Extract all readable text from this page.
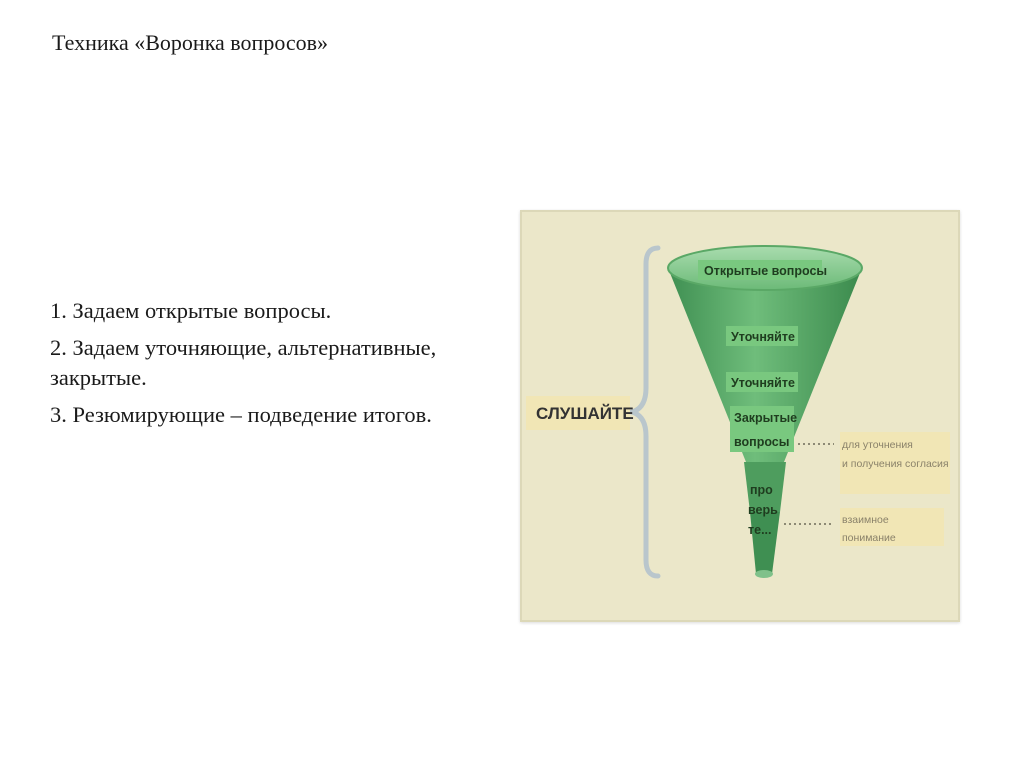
Техника «Воронка вопросов»

1. Задаем открытые вопросы.

2. Задаем уточняющие, альтернативные, закрытые.

3. Резюмирующие – подведение итогов.	СЛУШАЙТЕ
Открытые вопросы
Уточняйте
Уточняйте
Закрытые
вопросы
про
верь
те...
для уточнения
и получения согласия
взаимное
понимание
